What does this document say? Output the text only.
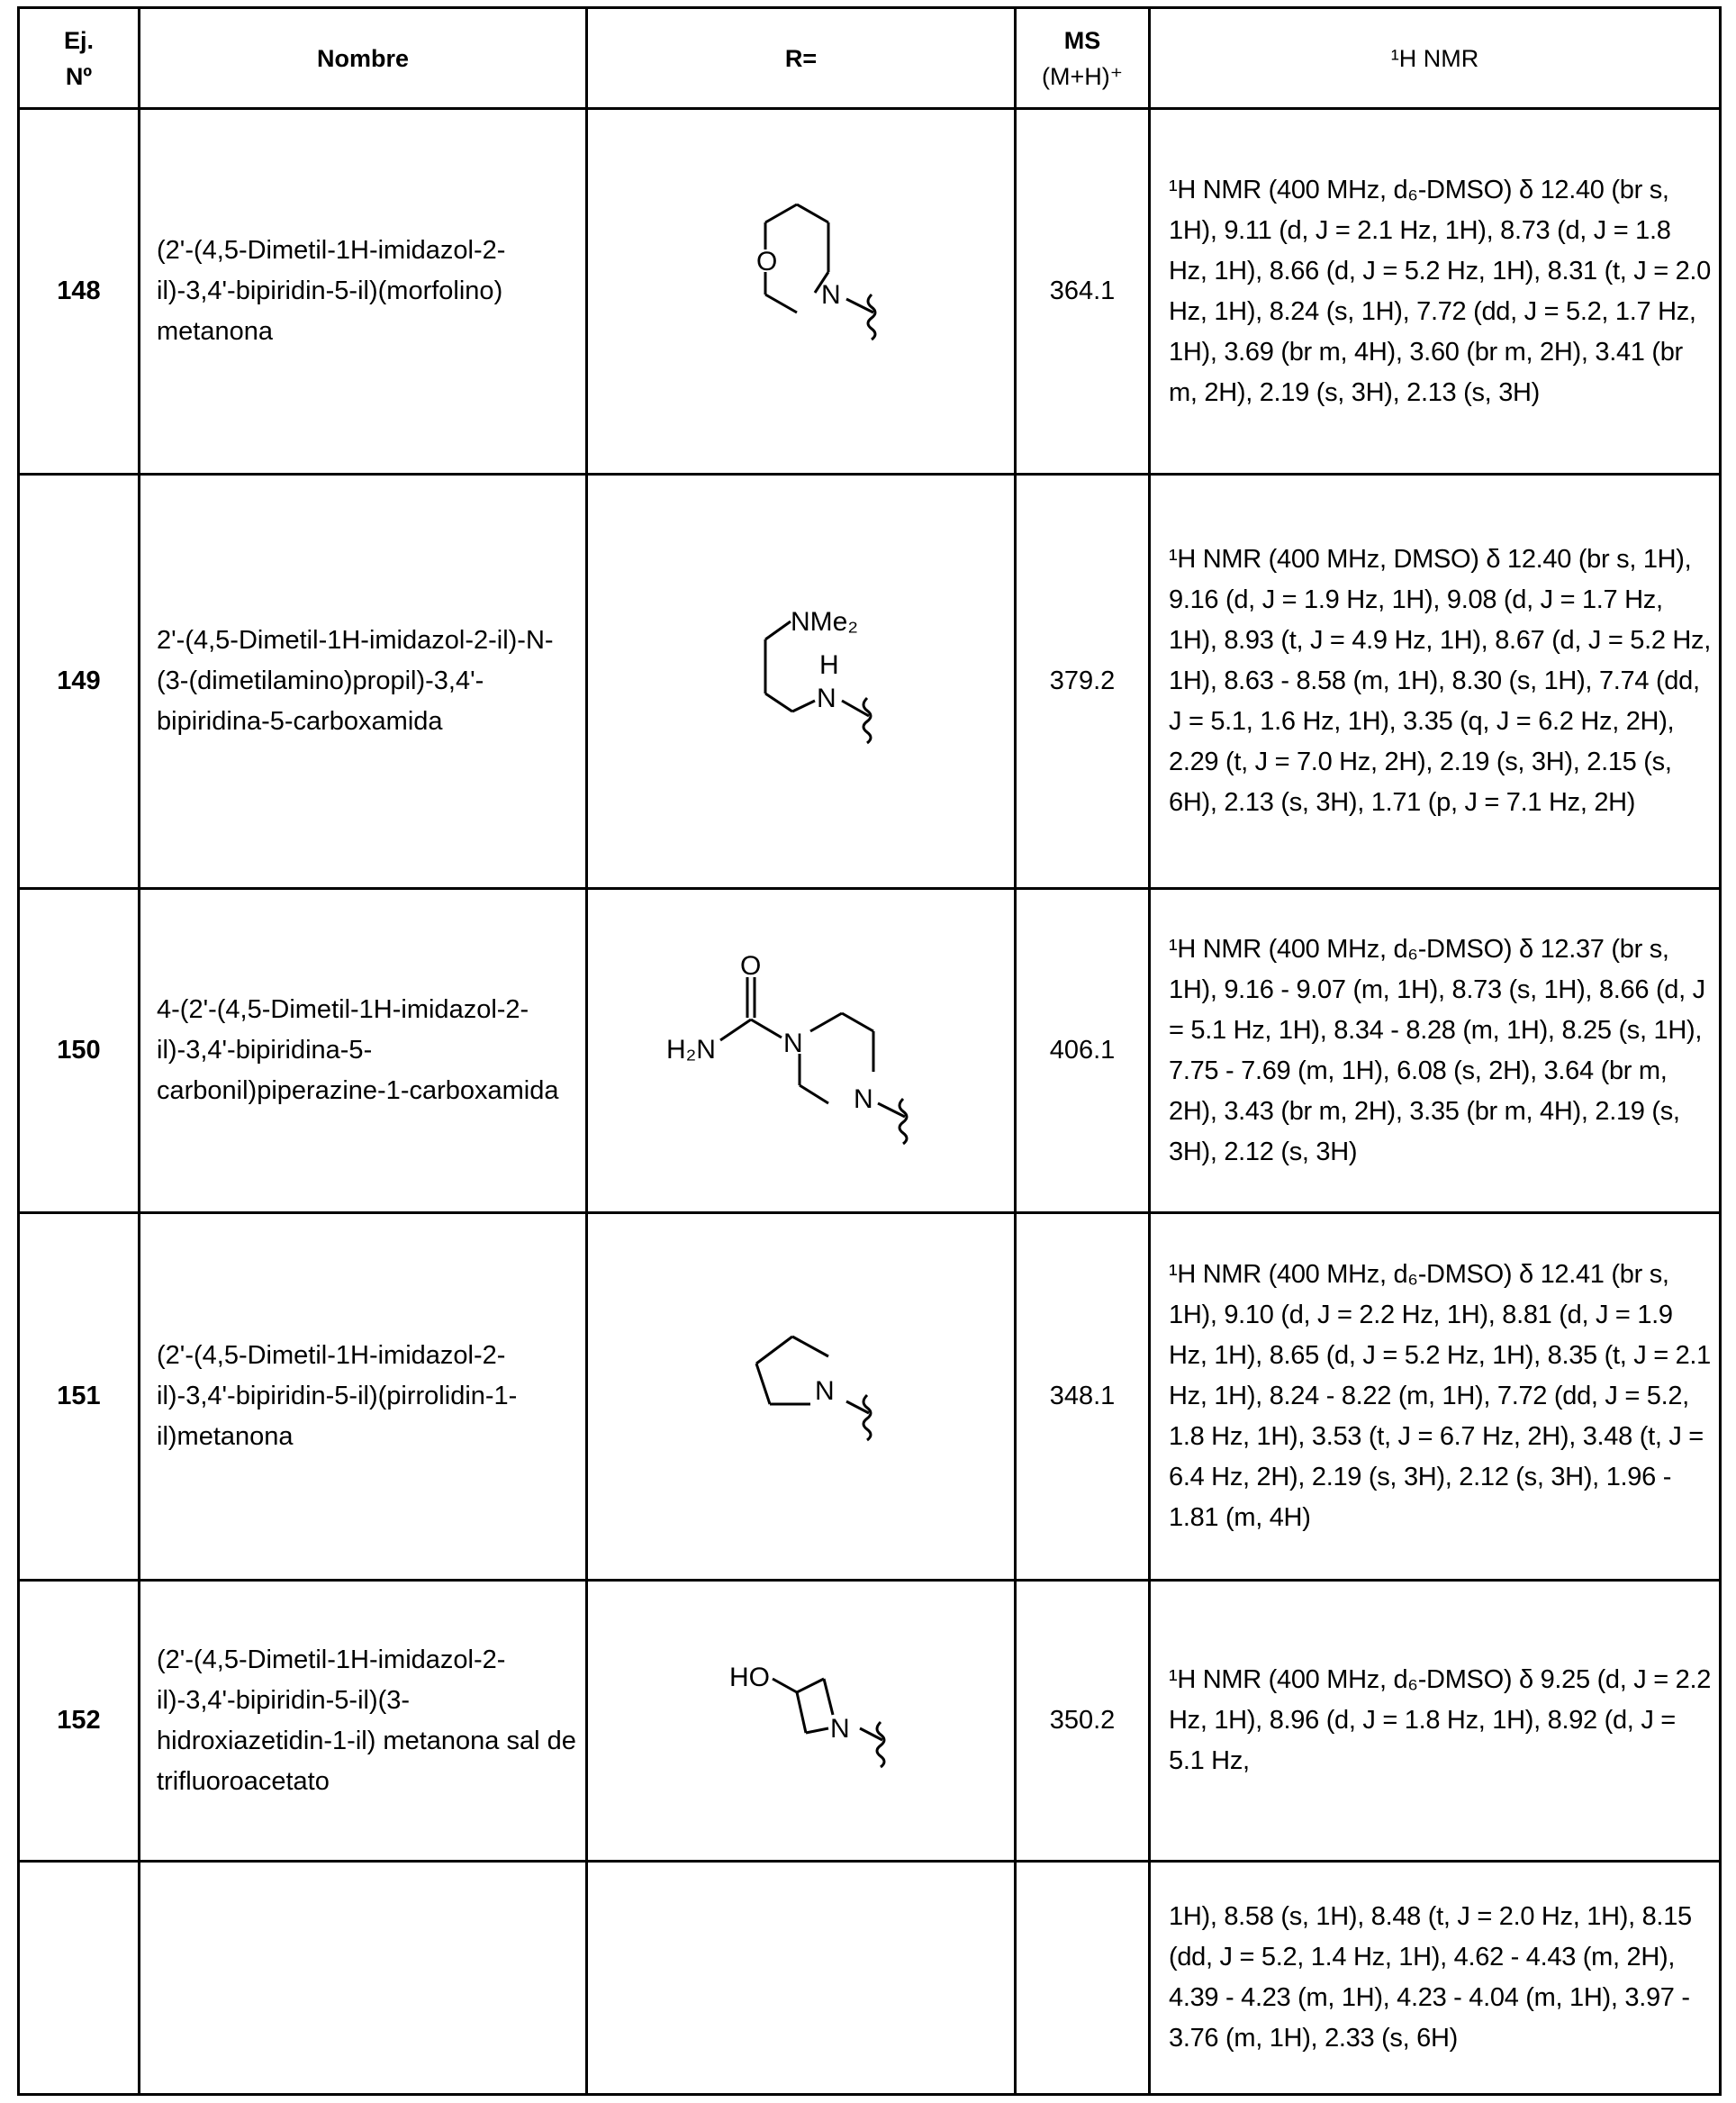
Ej.
Nº	Nombre	R=	MS
(M+H)⁺	¹H NMR
148	(2'-(4,5-Dimetil-1H-imidazol-2-il)-3,4'-bipiridin-5-il)(morfolino) metanona	
O
N	364.1	¹H NMR (400 MHz, d₆-DMSO) δ 12.40 (br s, 1H), 9.11 (d, J = 2.1 Hz, 1H), 8.73 (d, J = 1.8 Hz, 1H), 8.66 (d, J = 5.2 Hz, 1H), 8.31 (t, J = 2.0 Hz, 1H), 8.24 (s, 1H), 7.72 (dd, J = 5.2, 1.7 Hz, 1H), 3.69 (br m, 4H), 3.60 (br m, 2H), 3.41 (br m, 2H), 2.19 (s, 3H), 2.13 (s, 3H)
149	2'-(4,5-Dimetil-1H-imidazol-2-il)-N-(3-(dimetilamino)propil)-3,4'-bipiridina-5-carboxamida	
NMe₂
H
N
	379.2	¹H NMR (400 MHz, DMSO) δ 12.40 (br s, 1H), 9.16 (d, J = 1.9 Hz, 1H), 9.08 (d, J = 1.7 Hz, 1H), 8.93 (t, J = 4.9 Hz, 1H), 8.67 (d, J = 5.2 Hz, 1H), 8.63 - 8.58 (m, 1H), 8.30 (s, 1H), 7.74 (dd, J = 5.1, 1.6 Hz, 1H), 3.35 (q, J = 6.2 Hz, 2H), 2.29 (t, J = 7.0 Hz, 2H), 2.19 (s, 3H), 2.15 (s, 6H), 2.13 (s, 3H), 1.71 (p, J = 7.1 Hz, 2H)
150	4-(2'-(4,5-Dimetil-1H-imidazol-2-il)-3,4'-bipiridina-5-carbonil)piperazine-1-carboxamida	
O
H₂N	N
N
	406.1	¹H NMR (400 MHz, d₆-DMSO) δ 12.37 (br s, 1H), 9.16 - 9.07 (m, 1H), 8.73 (s, 1H), 8.66 (d, J = 5.1 Hz, 1H), 8.34 - 8.28 (m, 1H), 8.25 (s, 1H), 7.75 - 7.69 (m, 1H), 6.08 (s, 2H), 3.64 (br m, 2H), 3.43 (br m, 2H), 3.35 (br m, 4H), 2.19 (s, 3H), 2.12 (s, 3H)
151	(2'-(4,5-Dimetil-1H-imidazol-2-il)-3,4'-bipiridin-5-il)(pirrolidin-1-il)metanona	
N	348.1	¹H NMR (400 MHz, d₆-DMSO) δ 12.41 (br s, 1H), 9.10 (d, J = 2.2 Hz, 1H), 8.81 (d, J = 1.9 Hz, 1H), 8.65 (d, J = 5.2 Hz, 1H), 8.35 (t, J = 2.1 Hz, 1H), 8.24 - 8.22 (m, 1H), 7.72 (dd, J = 5.2, 1.8 Hz, 1H), 3.53 (t, J = 6.7 Hz, 2H), 3.48 (t, J = 6.4 Hz, 2H), 2.19 (s, 3H), 2.12 (s, 3H), 1.96 - 1.81 (m, 4H)
152	(2'-(4,5-Dimetil-1H-imidazol-2-il)-3,4'-bipiridin-5-il)(3-hidroxiazetidin-1-il) metanona sal de trifluoroacetato	
HO
N	350.2	¹H NMR (400 MHz, d₆-DMSO) δ 9.25 (d, J = 2.2 Hz, 1H), 8.96 (d, J = 1.8 Hz, 1H), 8.92 (d, J = 5.1 Hz,
				1H), 8.58 (s, 1H), 8.48 (t, J = 2.0 Hz, 1H), 8.15 (dd, J = 5.2, 1.4 Hz, 1H), 4.62 - 4.43 (m, 2H), 4.39 - 4.23 (m, 1H), 4.23 - 4.04 (m, 1H), 3.97 - 3.76 (m, 1H), 2.33 (s, 6H)
